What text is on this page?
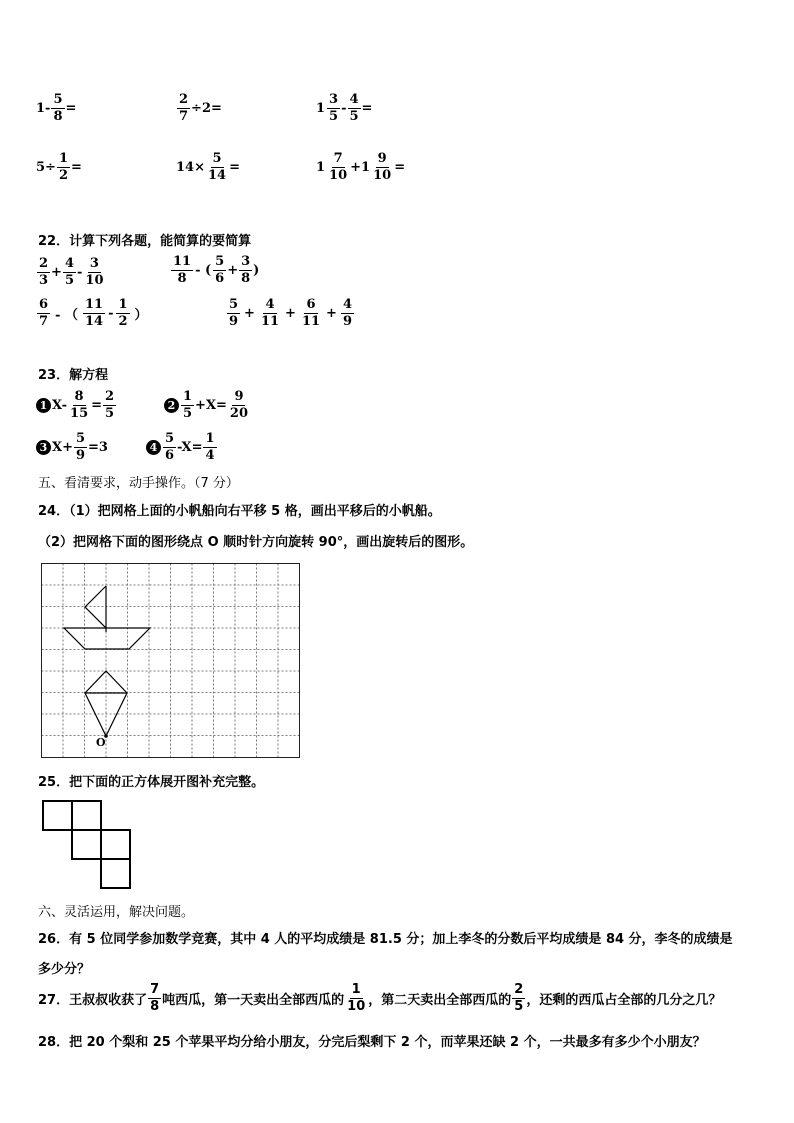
$1- \frac{5}{8}$ =	$\frac{2}{7} \div 2=$	$1 \frac{3}{5} - \frac{4}{5}$ =
$5\div \frac{1}{2}$ =	$14\times \frac{5}{14}$ =	$1 \frac{7}{10} +1 \frac{9}{10}$ =
22．计算下列各题，能简算的要简算
$\frac{2}{3} + \frac{4}{5} - \frac{3}{10}$	$\frac{11}{8}$ - ( $\frac{5}{6} + \frac{3}{8}$ )
$\frac{6}{7}$ - （ $\frac{11}{14} - \frac{1}{2}$ ）	$\frac{5}{9} + \frac{4}{11} + \frac{6}{11} + \frac{4}{9}$
23．解方程
1 $X- \frac{8}{15} = \frac{2}{5}$	$2 \frac{1}{5} +X= \frac{9}{20}$
3 $X+ \frac{5}{9} =3$	$4 \frac{5}{6} -X= \frac{1}{4}$
五、看清要求，动手操作。（7 分）
24．（1）把网格上面的小帆船向右平移 5 格，画出平移后的小帆船。
（2）把网格下面的图形绕点 O 顺时针方向旋转 90°，画出旋转后的图形。
O
25．把下面的正方体展开图补充完整。
六、灵活运用，解决问题。
26．有 5 位同学参加数学竞赛，其中 4 人的平均成绩是 81.5 分；加上李冬的分数后平均成绩是 84 分，李冬的成绩是
多少分？
27．王叔叔收获了 $\frac{7}{8}$ 吨西瓜，第一天卖出全部西瓜的 $\frac{1}{10}$ ，第二天卖出全部西瓜的 $\frac{2}{5}$ ，还剩的西瓜占全部的几分之几？
28．把 20 个梨和 25 个苹果平均分给小朋友，分完后梨剩下 2 个，而苹果还缺 2 个，一共最多有多少个小朋友？
